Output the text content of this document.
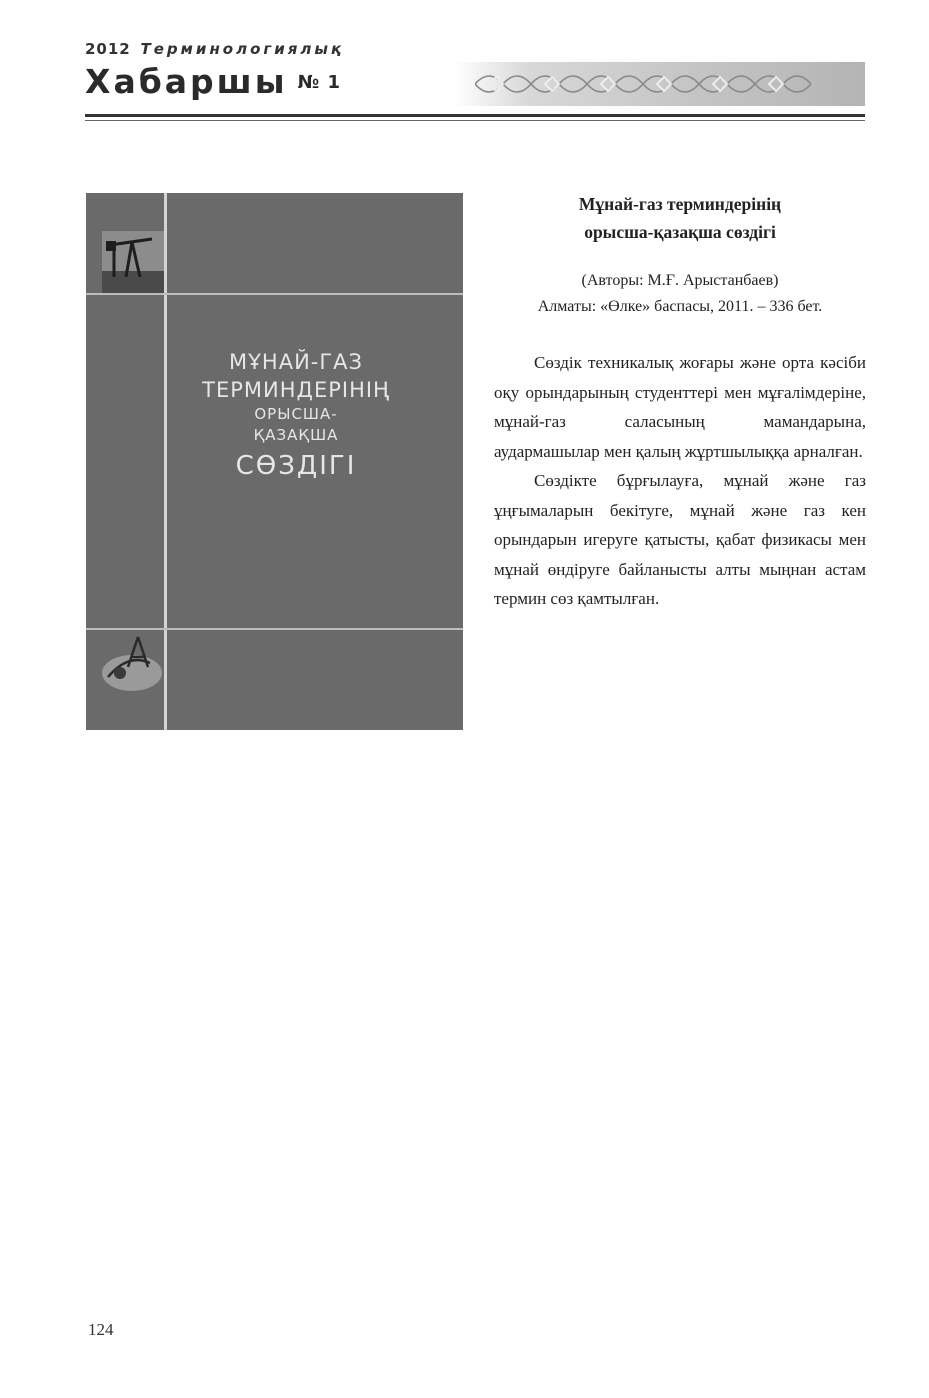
2012 Терминологиялық
Хабаршы № 1
МҰНАЙ-ГАЗ
ТЕРМИНДЕРІНІҢ
ОРЫСША-
ҚАЗАҚША
СӨЗДІГІ
Мұнай-газ терминдерінің
орысша-қазақша сөздігі
(Авторы: М.Ғ. Арыстанбаев)
Алматы: «Өлке» баспасы, 2011. – 336 бет.

Сөздік техникалық жоғары және орта кәсіби оқу орындарының студенттері мен мұғалімдеріне, мұнай-газ саласының мамандарына, аудармашылар мен қалың жұртшылыққа арналған.

Сөздікте бұрғылауға, мұнай және газ ұңғымаларын бекітуге, мұнай және газ кен орындарын игеруге қатысты, қабат физикасы мен мұнай өндіруге байланысты алты мыңнан астам термин сөз қамтылған.

124
